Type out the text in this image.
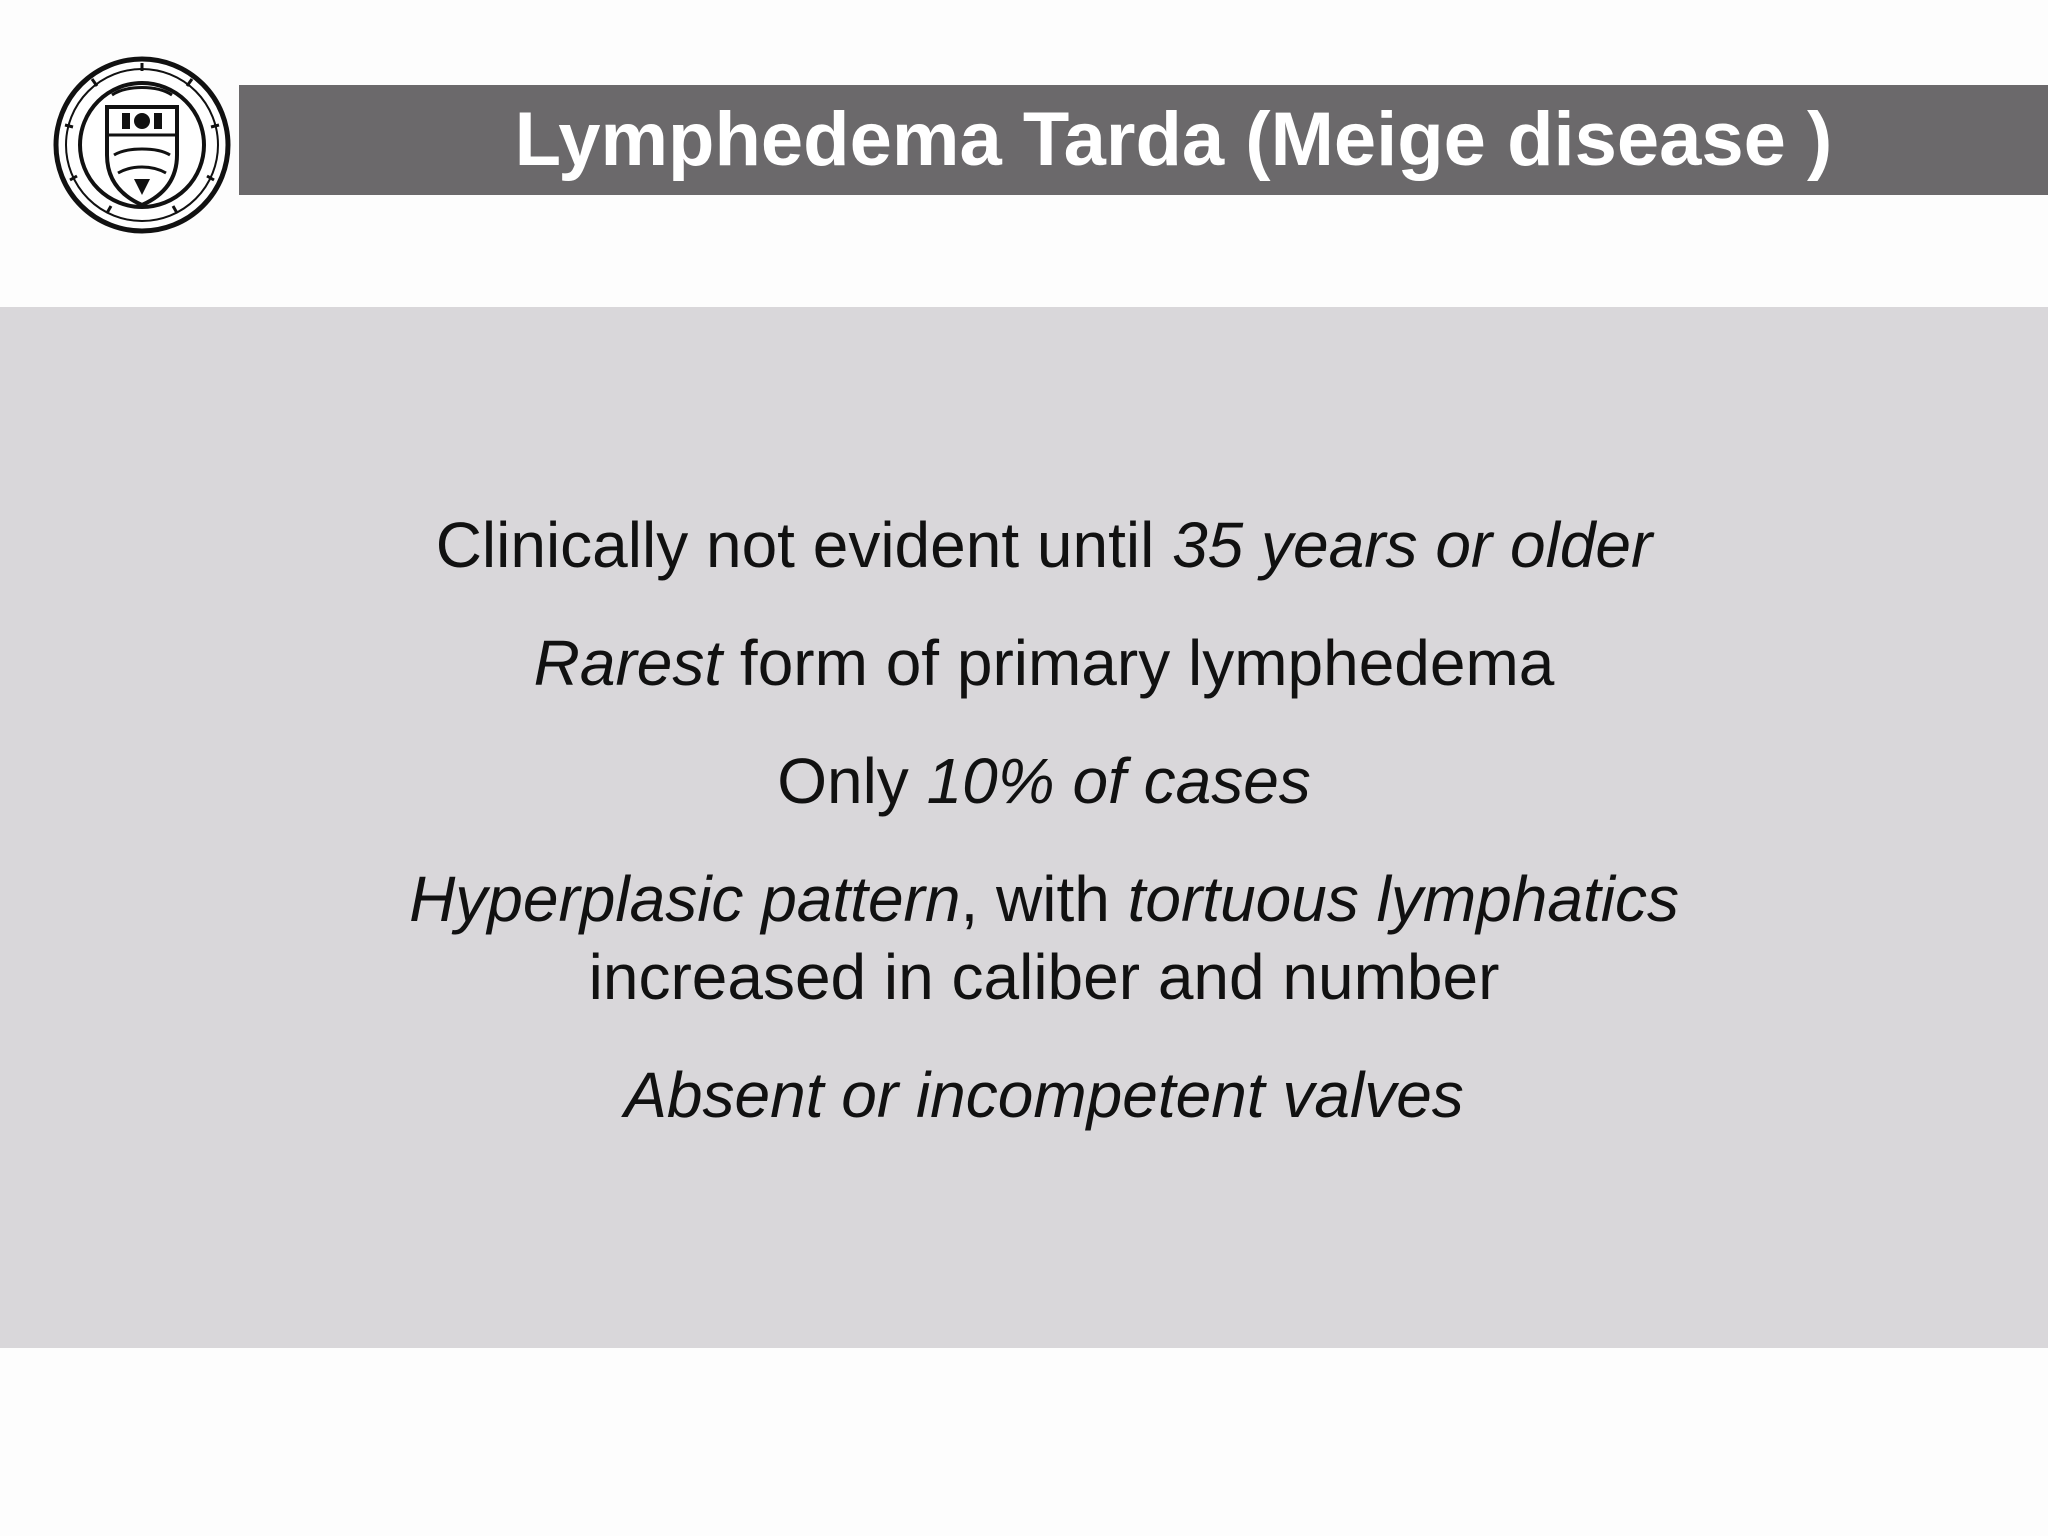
Lymphedema Tarda (Meige disease )
Clinically not evident until 35 years or older
Rarest form of primary lymphedema
Only 10% of cases
Hyperplasic pattern, with tortuous lymphatics
increased in caliber and number
Absent or incompetent valves
